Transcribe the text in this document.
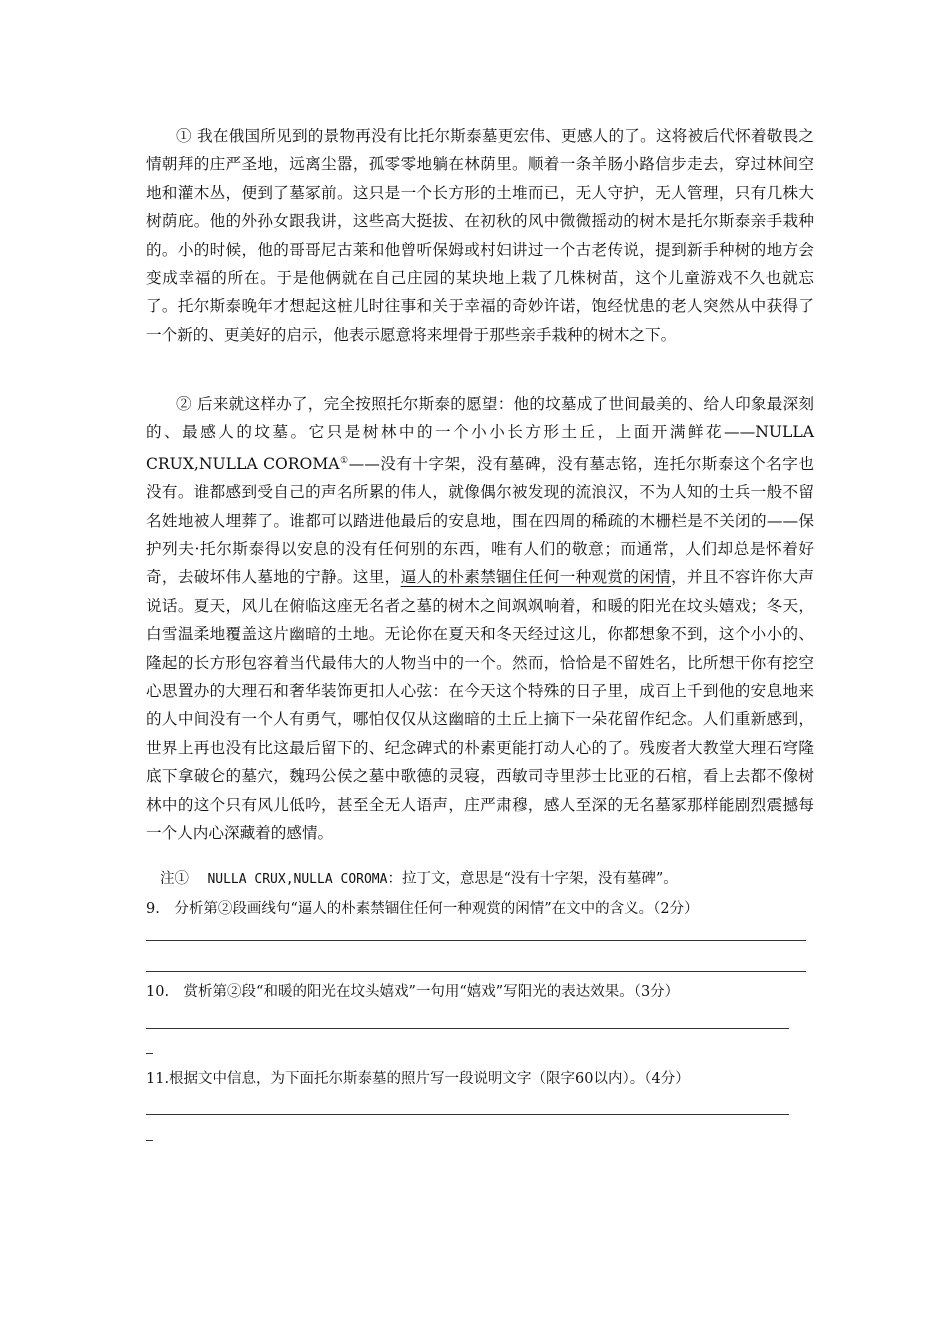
① 我在俄国所见到的景物再没有比托尔斯泰墓更宏伟、更感人的了。这将被后代怀着敬畏之情朝拜的庄严圣地，远离尘嚣，孤零零地躺在林荫里。顺着一条羊肠小路信步走去，穿过林间空地和灌木丛，便到了墓冢前。这只是一个长方形的土堆而已，无人守护，无人管理，只有几株大树荫庇。他的外孙女跟我讲，这些高大挺拔、在初秋的风中微微摇动的树木是托尔斯泰亲手栽种的。小的时候，他的哥哥尼古莱和他曾听保姆或村妇讲过一个古老传说，提到新手种树的地方会变成幸福的所在。于是他俩就在自己庄园的某块地上栽了几株树苗，这个儿童游戏不久也就忘了。托尔斯泰晚年才想起这桩儿时往事和关于幸福的奇妙许诺，饱经忧患的老人突然从中获得了一个新的、更美好的启示，他表示愿意将来埋骨于那些亲手栽种的树木之下。

② 后来就这样办了，完全按照托尔斯泰的愿望：他的坟墓成了世间最美的、给人印象最深刻的、最感人的坟墓。它只是树林中的一个小小长方形土丘，上面开满鲜花——NULLA CRUX,NULLA COROMA①——没有十字架，没有墓碑，没有墓志铭，连托尔斯泰这个名字也没有。谁都感到受自己的声名所累的伟人，就像偶尔被发现的流浪汉，不为人知的士兵一般不留名姓地被人埋葬了。谁都可以踏进他最后的安息地，围在四周的稀疏的木栅栏是不关闭的——保护列夫·托尔斯泰得以安息的没有任何别的东西，唯有人们的敬意；而通常，人们却总是怀着好奇，去破坏伟人墓地的宁静。这里，逼人的朴素禁锢住任何一种观赏的闲情，并且不容许你大声说话。夏天，风儿在俯临这座无名者之墓的树木之间飒飒响着，和暖的阳光在坟头嬉戏；冬天，白雪温柔地覆盖这片幽暗的土地。无论你在夏天和冬天经过这儿，你都想象不到，这个小小的、隆起的长方形包容着当代最伟大的人物当中的一个。然而，恰恰是不留姓名，比所想干你有挖空心思置办的大理石和奢华装饰更扣人心弦：在今天这个特殊的日子里，成百上千到他的安息地来的人中间没有一个人有勇气，哪怕仅仅从这幽暗的土丘上摘下一朵花留作纪念。人们重新感到，世界上再也没有比这最后留下的、纪念碑式的朴素更能打动人心的了。残废者大教堂大理石穹隆底下拿破仑的墓穴，魏玛公侯之墓中歌德的灵寝，西敏司寺里莎士比亚的石棺，看上去都不像树林中的这个只有风儿低吟，甚至全无人语声，庄严肃穆，感人至深的无名墓冢那样能剧烈震撼每一个人内心深藏着的感情。

注① NULLA CRUX,NULLA COROMA：拉丁文，意思是“没有十字架，没有墓碑”。
9.　分析第②段画线句“逼人的朴素禁锢住任何一种观赏的闲情”在文中的含义。（2分）
10.　赏析第②段“和暖的阳光在坟头嬉戏”一句用“嬉戏”写阳光的表达效果。（3分）
11.根据文中信息，为下面托尔斯泰墓的照片写一段说明文字（限字60以内）。（4分）
